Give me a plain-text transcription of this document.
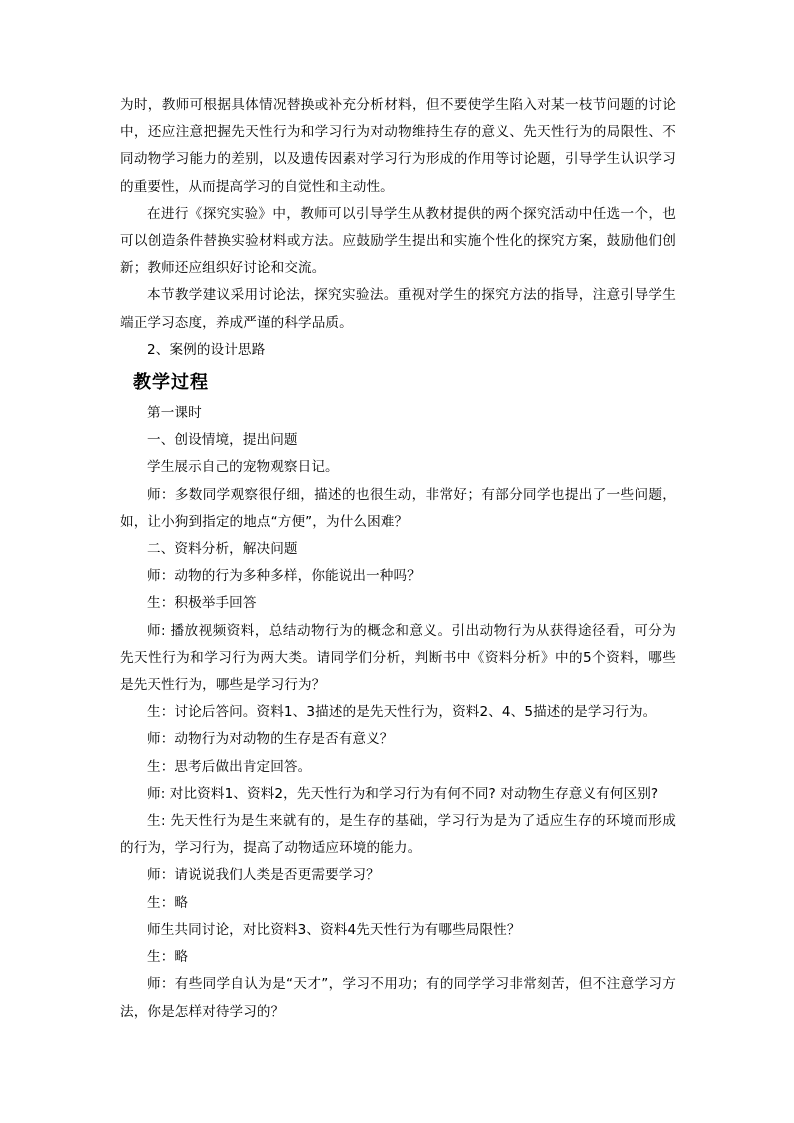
为时，教师可根据具体情况替换或补充分析材料，但不要使学生陷入对某一枝节问题的讨论中，还应注意把握先天性行为和学习行为对动物维持生存的意义、先天性行为的局限性、不同动物学习能力的差别，以及遗传因素对学习行为形成的作用等讨论题，引导学生认识学习的重要性，从而提高学习的自觉性和主动性。

在进行《探究实验》中，教师可以引导学生从教材提供的两个探究活动中任选一个，也可以创造条件替换实验材料或方法。应鼓励学生提出和实施个性化的探究方案，鼓励他们创新；教师还应组织好讨论和交流。

本节教学建议采用讨论法，探究实验法。重视对学生的探究方法的指导，注意引导学生端正学习态度，养成严谨的科学品质。

2、案例的设计思路

教学过程

第一课时

一、创设情境，提出问题

学生展示自己的宠物观察日记。

师：多数同学观察很仔细，描述的也很生动，非常好；有部分同学也提出了一些问题，如，让小狗到指定的地点“方便”，为什么困难？

二、资料分析，解决问题

师：动物的行为多种多样，你能说出一种吗？

生：积极举手回答

师: 播放视频资料，总结动物行为的概念和意义。引出动物行为从获得途径看，可分为先天性行为和学习行为两大类。请同学们分析，判断书中《资料分析》中的5个资料，哪些是先天性行为，哪些是学习行为？

生：讨论后答问。资料1、3描述的是先天性行为，资料2、4、5描述的是学习行为。

师：动物行为对动物的生存是否有意义？

生：思考后做出肯定回答。

师: 对比资料1、资料2，先天性行为和学习行为有何不同? 对动物生存意义有何区别?

生: 先天性行为是生来就有的，是生存的基础，学习行为是为了适应生存的环境而形成的行为，学习行为，提高了动物适应环境的能力。

师：请说说我们人类是否更需要学习？

生：略

师生共同讨论，对比资料3、资料4先天性行为有哪些局限性？

生：略

师：有些同学自认为是“天才”，学习不用功；有的同学学习非常刻苦，但不注意学习方法，你是怎样对待学习的？
